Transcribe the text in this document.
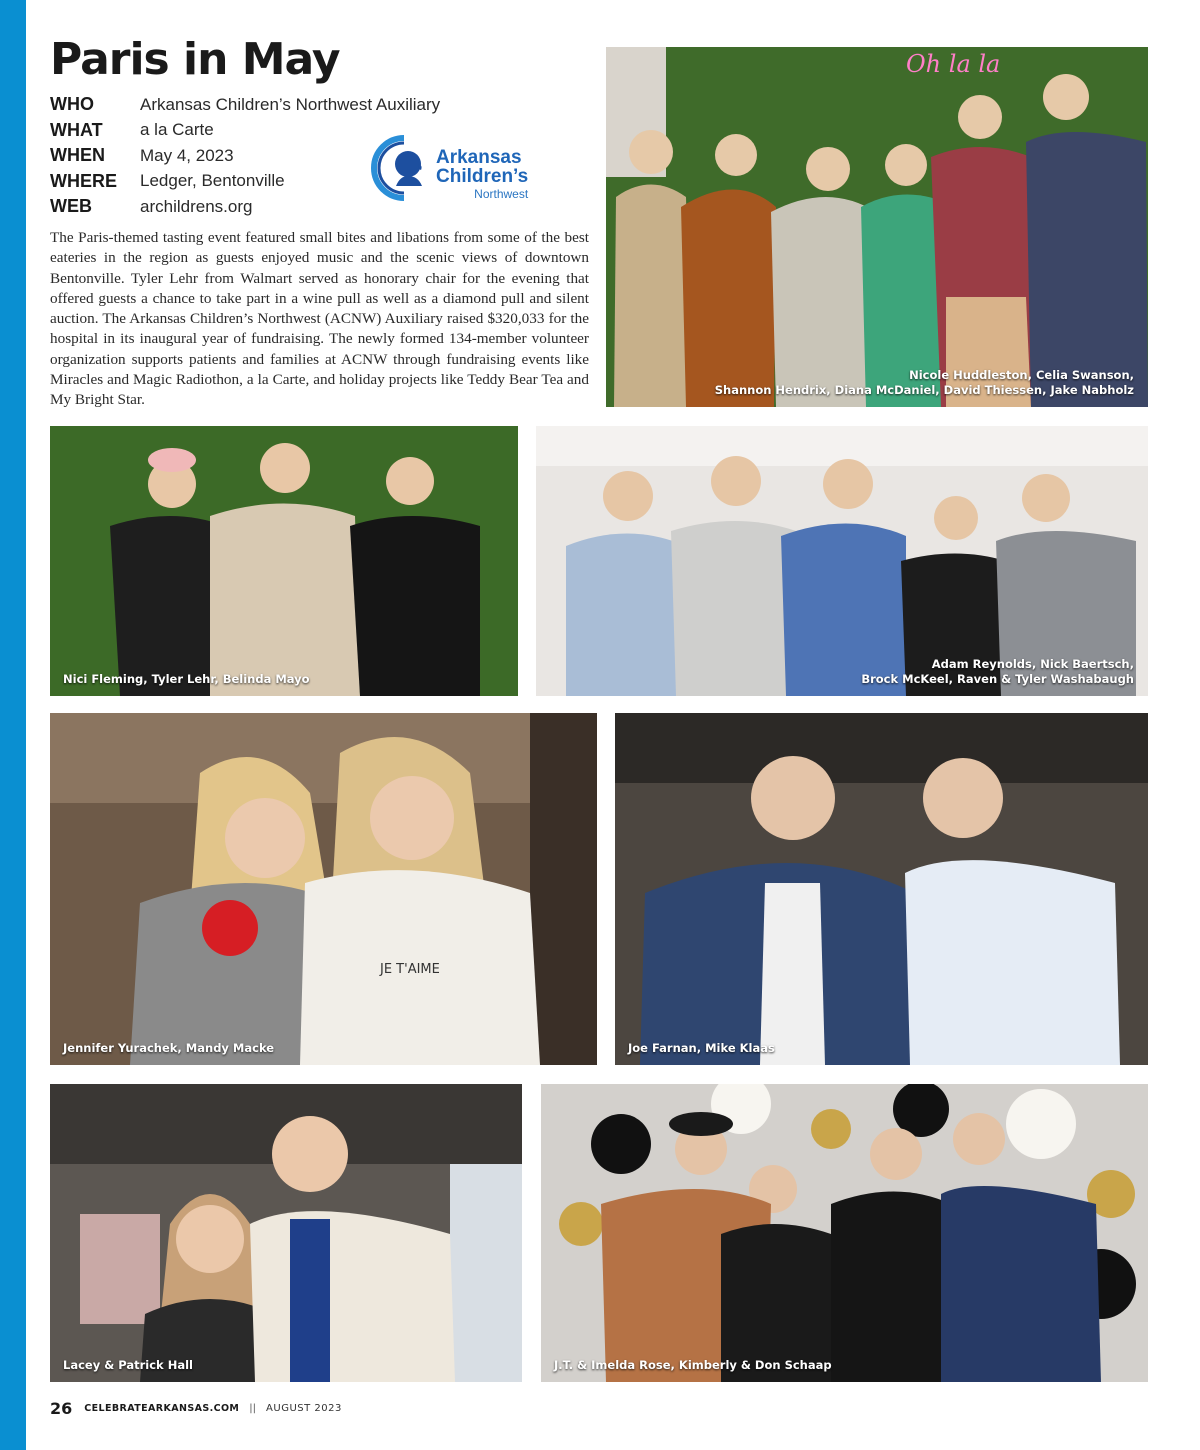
Paris in May
WHO	Arkansas Children’s Northwest Auxiliary
WHAT	a la Carte
WHEN	May 4, 2023
WHERE	Ledger, Bentonville
WEB	archildrens.org
Arkansas
Children’s
Northwest

The Paris-themed tasting event featured small bites and libations from some of the best eateries in the region as guests enjoyed music and the scenic views of downtown Bentonville. Tyler Lehr from Walmart served as honorary chair for the evening that offered guests a chance to take part in a wine pull as well as a diamond pull and silent auction. The Arkansas Children’s Northwest (ACNW) Auxiliary raised $320,033 for the hospital in its inaugural year of fundraising. The newly formed 134-member volunteer organization supports patients and families at ACNW through fundraising events like Miracles and Magic Radiothon, a la Carte, and holiday projects like Teddy Bear Tea and My Bright Star.

Oh la la
Nicole Huddleston, Celia Swanson,
Shannon Hendrix, Diana McDaniel, David Thiessen, Jake Nabholz
Nici Fleming, Tyler Lehr, Belinda Mayo
Adam Reynolds, Nick Baertsch,
Brock McKeel, Raven & Tyler Washabaugh
JE T'AIME
Jennifer Yurachek, Mandy Macke	Joe Farnan, Mike Klaas
Lacey & Patrick Hall	J.T. & Imelda Rose, Kimberly & Don Schaap
26 CELEBRATEARKANSAS.COM || AUGUST 2023
